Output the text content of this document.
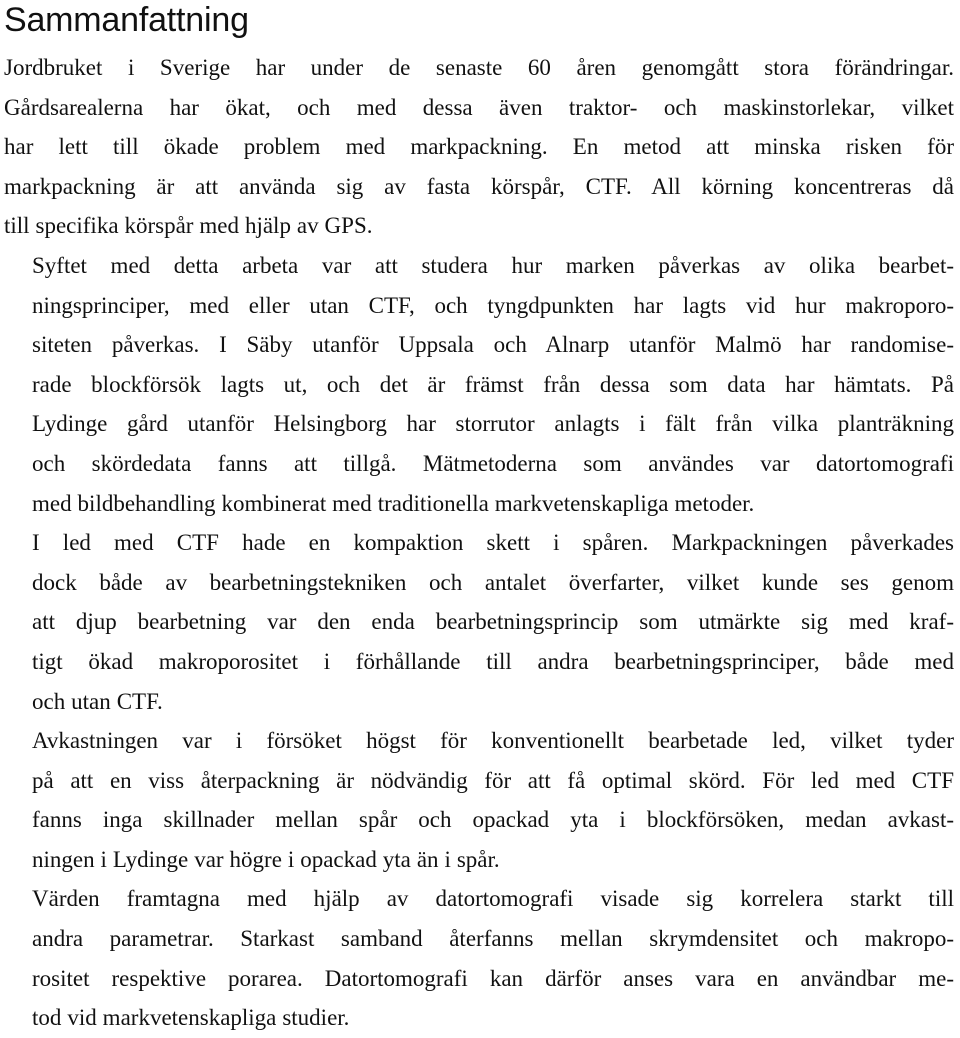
Sammanfattning

Jordbruket i Sverige har under de senaste 60 åren genomgått stora förändringar.
Gårdsarealerna har ökat, och med dessa även traktor- och maskinstorlekar, vilket
har lett till ökade problem med markpackning. En metod att minska risken för
markpackning är att använda sig av fasta körspår, CTF. All körning koncentreras då
till specifika körspår med hjälp av GPS.

Syftet med detta arbeta var att studera hur marken påverkas av olika bearbet-
ningsprinciper, med eller utan CTF, och tyngdpunkten har lagts vid hur makroporo-
siteten påverkas. I Säby utanför Uppsala och Alnarp utanför Malmö har randomise-
rade blockförsök lagts ut, och det är främst från dessa som data har hämtats. På
Lydinge gård utanför Helsingborg har storrutor anlagts i fält från vilka planträkning
och skördedata fanns att tillgå. Mätmetoderna som användes var datortomografi
med bildbehandling kombinerat med traditionella markvetenskapliga metoder.

I led med CTF hade en kompaktion skett i spåren. Markpackningen påverkades
dock både av bearbetningstekniken och antalet överfarter, vilket kunde ses genom
att djup bearbetning var den enda bearbetningsprincip som utmärkte sig med kraf-
tigt ökad makroporositet i förhållande till andra bearbetningsprinciper, både med
och utan CTF.

Avkastningen var i försöket högst för konventionellt bearbetade led, vilket tyder
på att en viss återpackning är nödvändig för att få optimal skörd. För led med CTF
fanns inga skillnader mellan spår och opackad yta i blockförsöken, medan avkast-
ningen i Lydinge var högre i opackad yta än i spår.

Värden framtagna med hjälp av datortomografi visade sig korrelera starkt till
andra parametrar. Starkast samband återfanns mellan skrymdensitet och makropo-
rositet respektive porarea. Datortomografi kan därför anses vara en användbar me-
tod vid markvetenskapliga studier.
